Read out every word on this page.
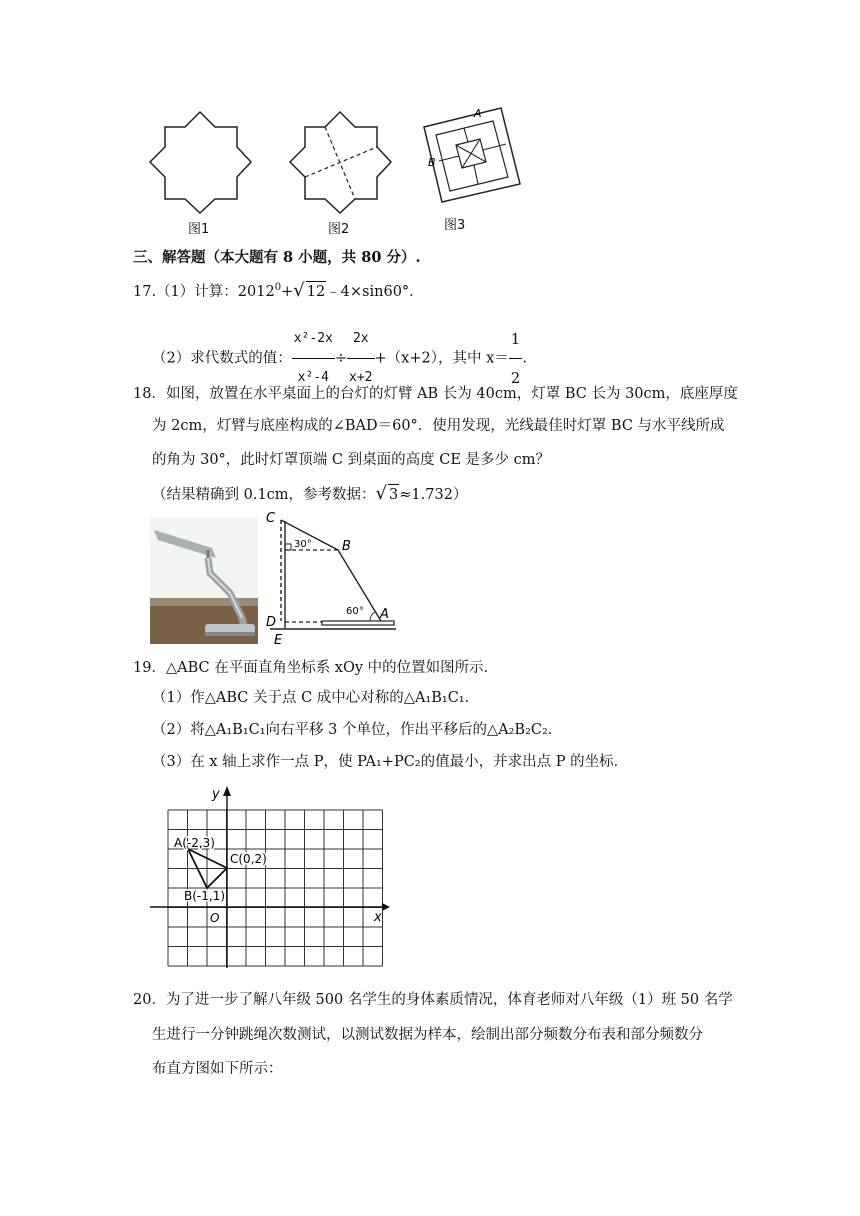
A
B
图1	图2	图3
三、解答题（本大题有 8 小题，共 80 分）.
17.（1）计算：$2012^0+√$ 12﹣4×sin60°．
（2）求代数式的值： $\frac{\text{x²-2x}}{\text{x²-4}} \div \frac{2x}{x+2} +(x+2)$，其中 $x= \frac{1}{2}$ .
18．如图，放置在水平桌面上的台灯的灯臂 AB 长为 40cm，灯罩 BC 长为 30cm，底座厚度
为 2cm，灯臂与底座构成的∠BAD＝60°．使用发现，光线最佳时灯罩 BC 与水平线所成
的角为 30°，此时灯罩顶端 C 到桌面的高度 CE 是多少 cm？
（结果精确到 0.1cm，参考数据：√ 3≈1.732）
C
B
A
D
E
30°
60°
19．△ABC 在平面直角坐标系 xOy 中的位置如图所示．
（1）作△ABC 关于点 C 成中心对称的△A₁B₁C₁．
（2）将△A₁B₁C₁向右平移 3 个单位，作出平移后的△A₂B₂C₂．
（3）在 x 轴上求作一点 P，使 PA₁+PC₂的值最小，并求出点 P 的坐标．
y
x
O
A(-2,3)
C(0,2)
B(-1,1)
20．为了进一步了解八年级 500 名学生的身体素质情况，体育老师对八年级（1）班 50 名学
生进行一分钟跳绳次数测试，以测试数据为样本，绘制出部分频数分布表和部分频数分
布直方图如下所示：
